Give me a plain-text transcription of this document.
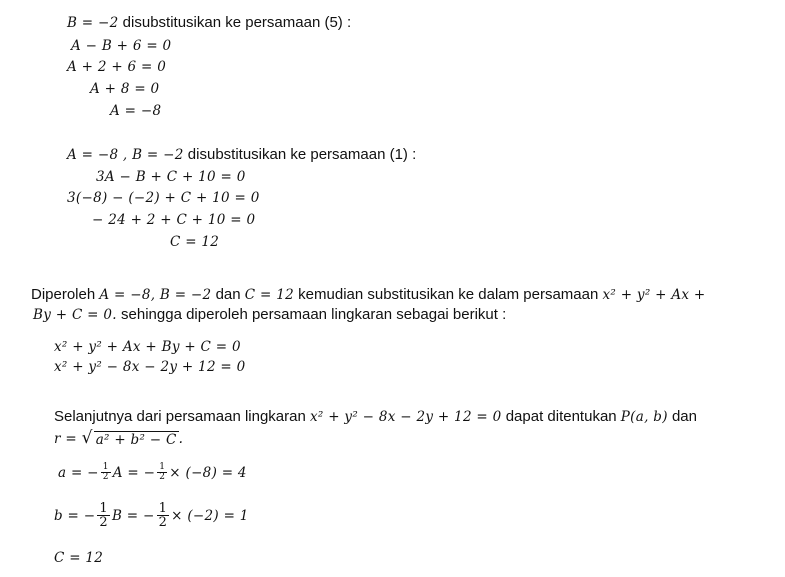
B = −2 disubstitusikan ke persamaan (5) :
A − B + 6 = 0
A + 2 + 6 = 0
A + 8 = 0
A = −8
A = −8 , B = −2 disubstitusikan ke persamaan (1) :
3A − B + C + 10 = 0
3(−8) − (−2) + C + 10 = 0
− 24 + 2 + C + 10 = 0
C = 12
Diperoleh A = −8, B = −2 dan C = 12 kemudian substitusikan ke dalam persamaan x² + y² + Ax +
By + C = 0. sehingga diperoleh persamaan lingkaran sebagai berikut :
x² + y² + Ax + By + C = 0
x² + y² − 8x − 2y + 12 = 0
Selanjutnya dari persamaan lingkaran x² + y² − 8x − 2y + 12 = 0 dapat ditentukan P(a, b) dan
r = √ a² + b² − C .
a = − $\frac{1}{2}$ A = − $\frac{1}{2} \times (-8) = 4$
b = − $\frac{1}{2}$ B = − $\frac{1}{2} \times (-2) = 1$
C = 12
